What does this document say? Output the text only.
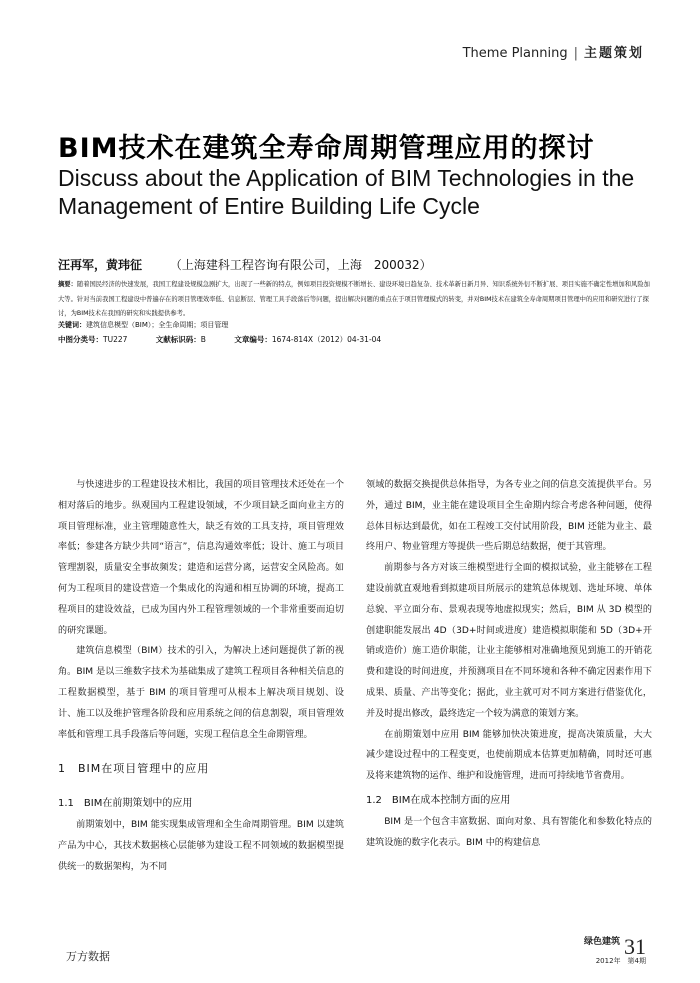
Theme Planning | 主题策划
BIM技术在建筑全寿命周期管理应用的探讨
Discuss about the Application of BIM Technologies in the
Management of Entire Building Life Cycle
汪再军，黄玮征 （上海建科工程咨询有限公司，上海　200032）
摘要：随着国民经济的快速发展，我国工程建设规模急剧扩大，出现了一些新的特点，例如项目投资规模不断增长、建设环境日趋复杂、技术革新日新月异、知识系统外衍不断扩展、项目实施不确定性增加和风险加大等。针对当前我国工程建设中普遍存在的项目管理效率低、信息断层、管理工具手段落后等问题，提出解决问题的重点在于项目管理模式的转变，并对BIM技术在建筑全寿命周期项目管理中的应用和研究进行了探讨，为BIM技术在我国的研究和实践提供参考。
关键词：建筑信息模型（BIM）；全生命周期；项目管理
中图分类号：TU227	文献标识码：B	文章编号：1674-814X（2012）04-31-04

与快速进步的工程建设技术相比，我国的项目管理技术还处在一个相对落后的地步。纵观国内工程建设领域，不少项目缺乏面向业主方的项目管理标准，业主管理随意性大，缺乏有效的工具支持，项目管理效率低；参建各方缺少共同“语言”，信息沟通效率低；设计、施工与项目管理割裂，质量安全事故频发；建造和运营分离，运营安全风险高。如何为工程项目的建设营造一个集成化的沟通和相互协调的环境，提高工程项目的建设效益，已成为国内外工程管理领域的一个非常重要而迫切的研究课题。

建筑信息模型（BIM）技术的引入，为解决上述问题提供了新的视角。BIM 是以三维数字技术为基础集成了建筑工程项目各种相关信息的工程数据模型，基于 BIM 的项目管理可从根本上解决项目规划、设计、施工以及维护管理各阶段和应用系统之间的信息割裂，项目管理效率低和管理工具手段落后等问题，实现工程信息全生命期管理。

1　BIM在项目管理中的应用
1.1　BIM在前期策划中的应用

前期策划中，BIM 能实现集成管理和全生命周期管理。BIM 以建筑产品为中心，其技术数据核心层能够为建设工程不同领域的数据模型提供统一的数据架构，为不同

领域的数据交换提供总体指导，为各专业之间的信息交流提供平台。另外，通过 BIM，业主能在建设项目全生命期内综合考虑各种问题，使得总体目标达到最优，如在工程竣工交付试用阶段，BIM 还能为业主、最终用户、物业管理方等提供一些后期总结数据，便于其管理。

前期参与各方对该三维模型进行全面的模拟试验，业主能够在工程建设前就直观地看到拟建项目所展示的建筑总体规划、选址环境、单体总貌、平立面分布、景观表现等地虚拟现实；然后，BIM 从 3D 模型的创建职能发展出 4D（3D+时间或进度）建造模拟职能和 5D（3D+开销或造价）施工造价职能，让业主能够相对准确地预见到施工的开销花费和建设的时间进度，并预测项目在不同环境和各种不确定因素作用下成果、质量、产出等变化；据此，业主就可对不同方案进行借鉴优化，并及时提出修改，最终选定一个较为满意的策划方案。

在前期策划中应用 BIM 能够加快决策进度，提高决策质量，大大减少建设过程中的工程变更，也使前期成本估算更加精确，同时还可惠及将来建筑物的运作、维护和设施管理，进而可持续地节省费用。

1.2　BIM在成本控制方面的应用

BIM 是一个包含丰富数据、面向对象、具有智能化和参数化特点的建筑设施的数字化表示。BIM 中的构建信息

万方数据
$^{绿色建筑}$ 31
2012年　第4期
